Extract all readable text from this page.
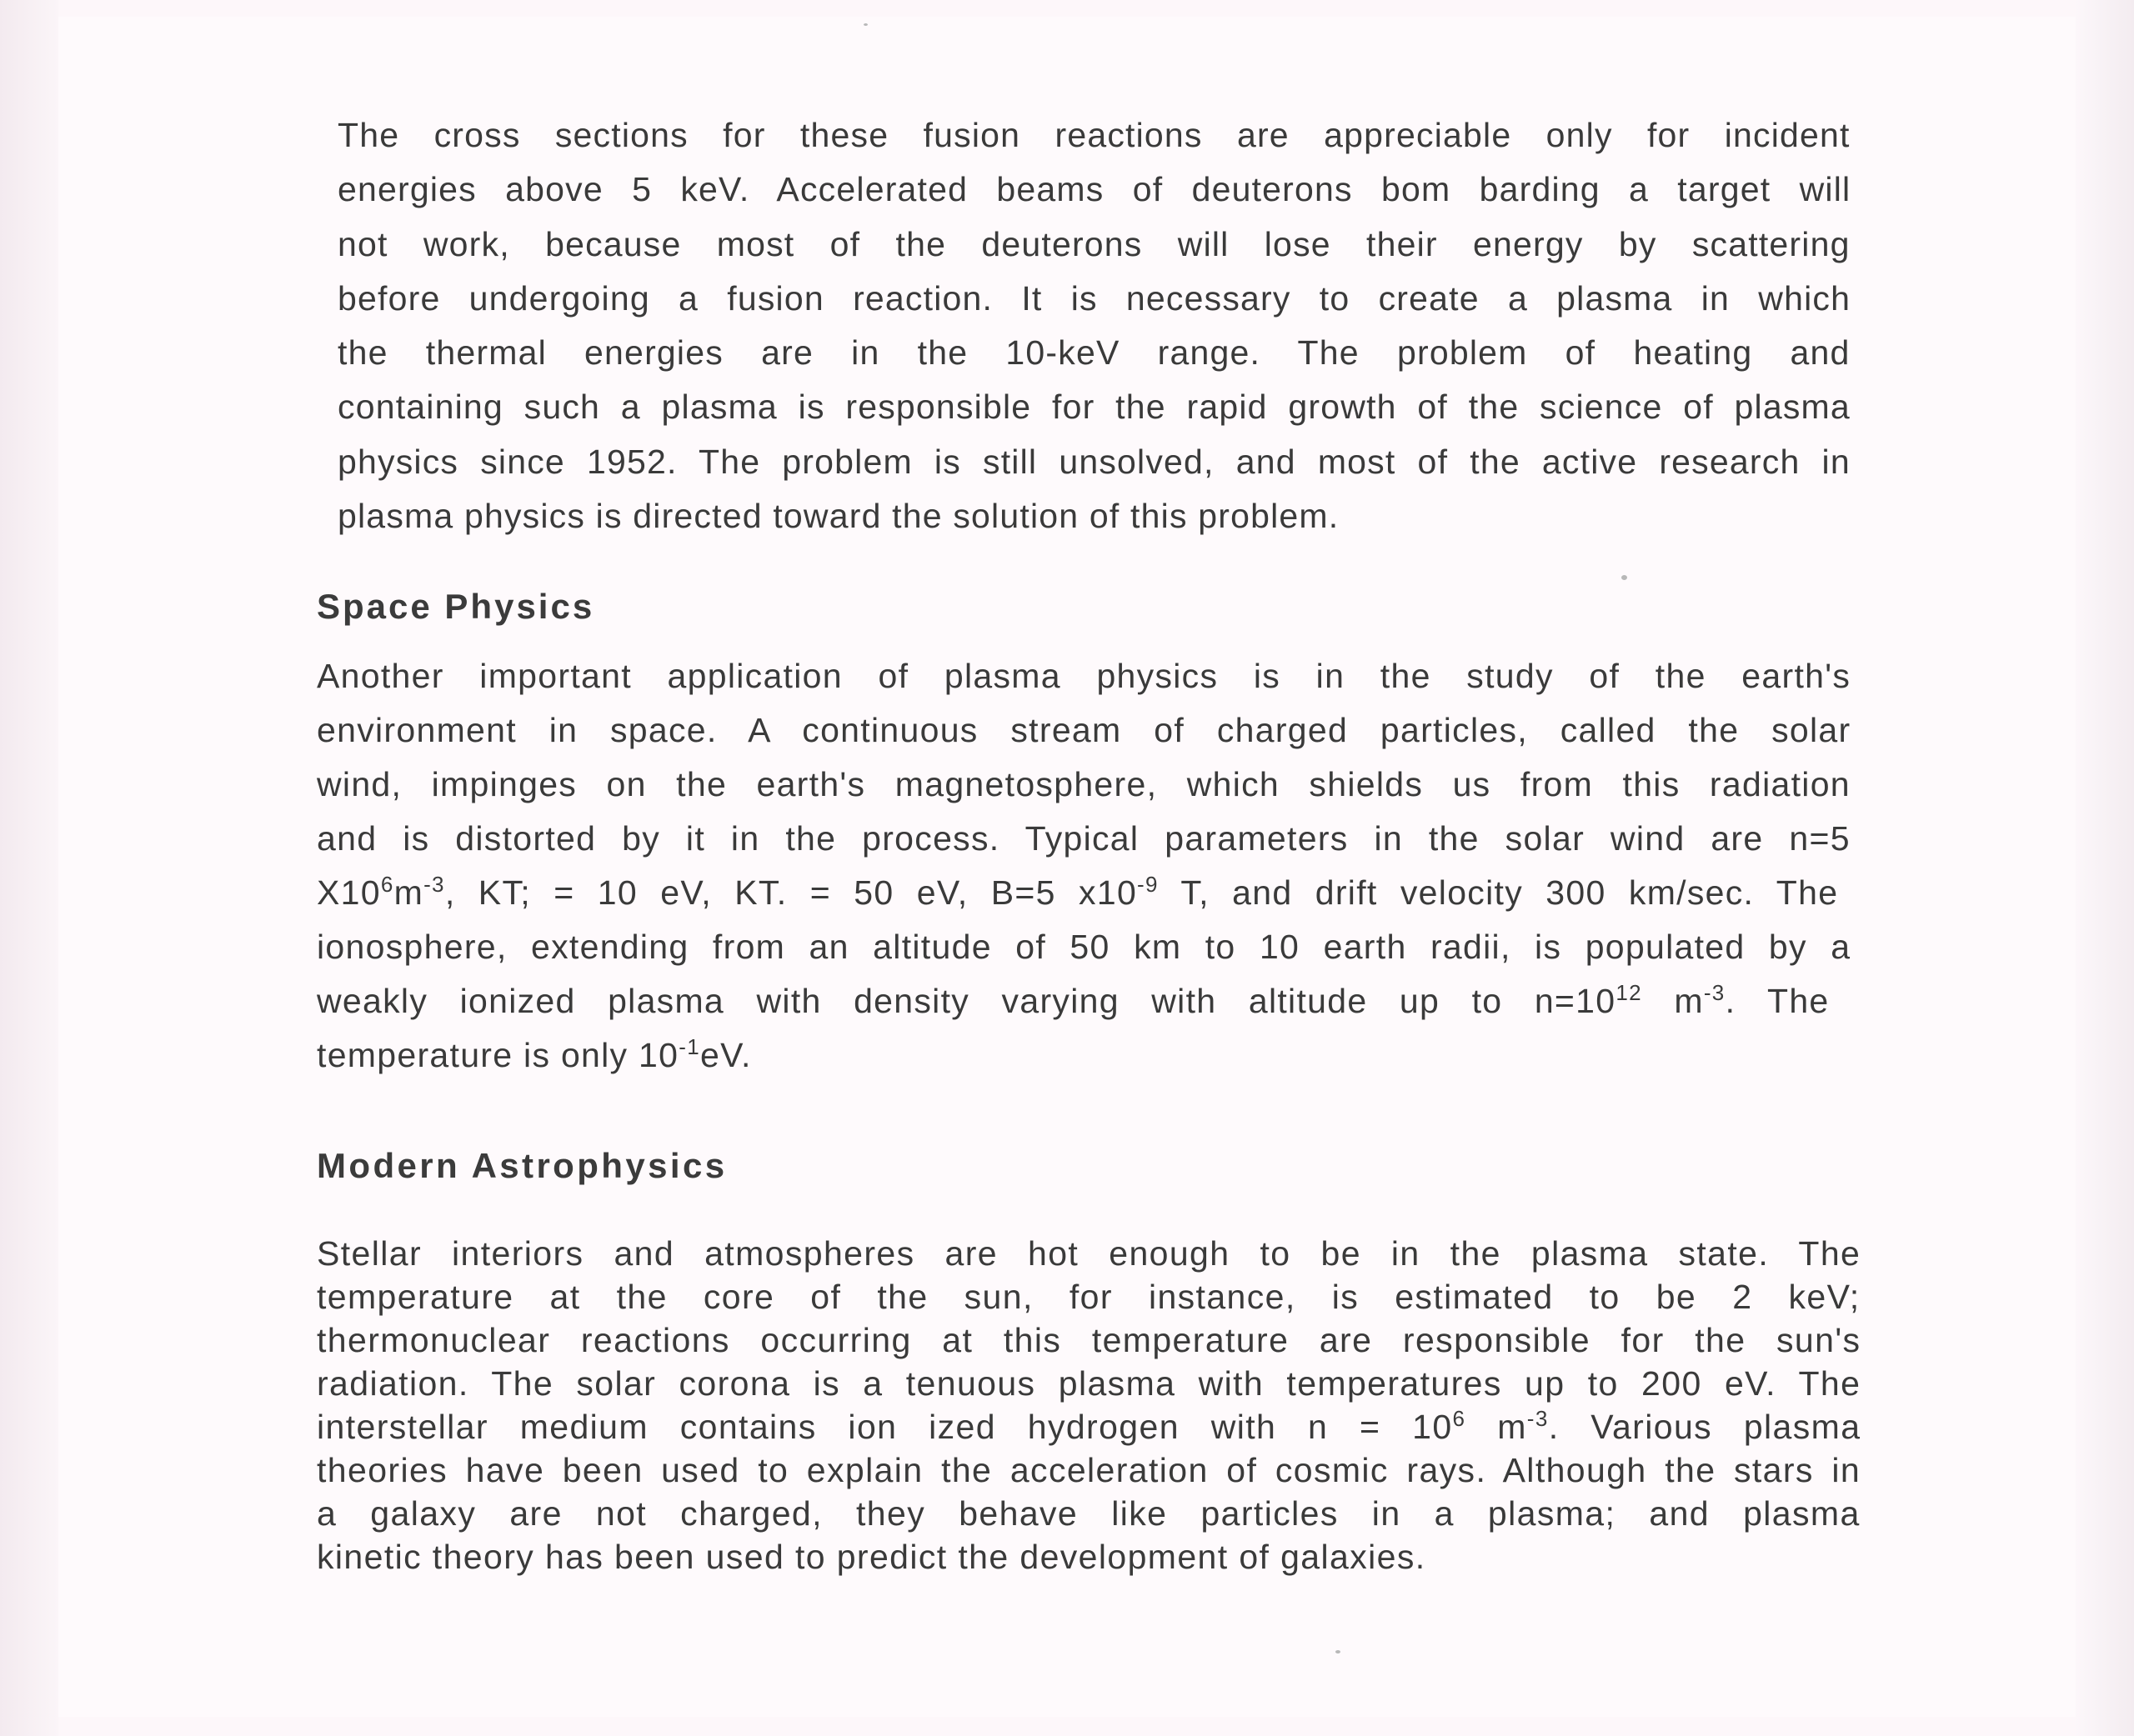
The cross sections for these fusion reactions are appreciable only for incident
energies above 5 keV. Accelerated beams of deuterons bom barding a target will
not work, because most of the deuterons will lose their energy by scattering
before undergoing a fusion reaction. It is necessary to create a plasma in which
the thermal energies are in the 10-keV range. The problem of heating and
containing such a plasma is responsible for the rapid growth of the science of plasma
physics since 1952. The problem is still unsolved, and most of the active research in
plasma physics is directed toward the solution of this problem.
Space Physics
Another important application of plasma physics is in the study of the earth's
environment in space. A continuous stream of charged particles, called the solar
wind, impinges on the earth's magnetosphere, which shields us from this radiation
and is distorted by it in the process. Typical parameters in the solar wind are n=5
$X10^6m^{-3}$, KT; = 10 eV, KT. = 50 eV, B=5 $x10^{-9}$ T, and drift velocity 300 km/sec. The
ionosphere, extending from an altitude of 50 km to 10 earth radii, is populated by a
weakly ionized plasma with density varying with altitude up to $n=10^{12}$ $m^{-3}$. The
temperature is only $10^{-1}eV$.
Modern Astrophysics
Stellar interiors and atmospheres are hot enough to be in the plasma state. The
temperature at the core of the sun, for instance, is estimated to be 2 keV;
thermonuclear reactions occurring at this temperature are responsible for the sun's
radiation. The solar corona is a tenuous plasma with temperatures up to 200 eV. The
interstellar medium contains ion ized hydrogen with $n = 10^6$ $m^{-3}$. Various plasma
theories have been used to explain the acceleration of cosmic rays. Although the stars in
a galaxy are not charged, they behave like particles in a plasma; and plasma
kinetic theory has been used to predict the development of galaxies.
